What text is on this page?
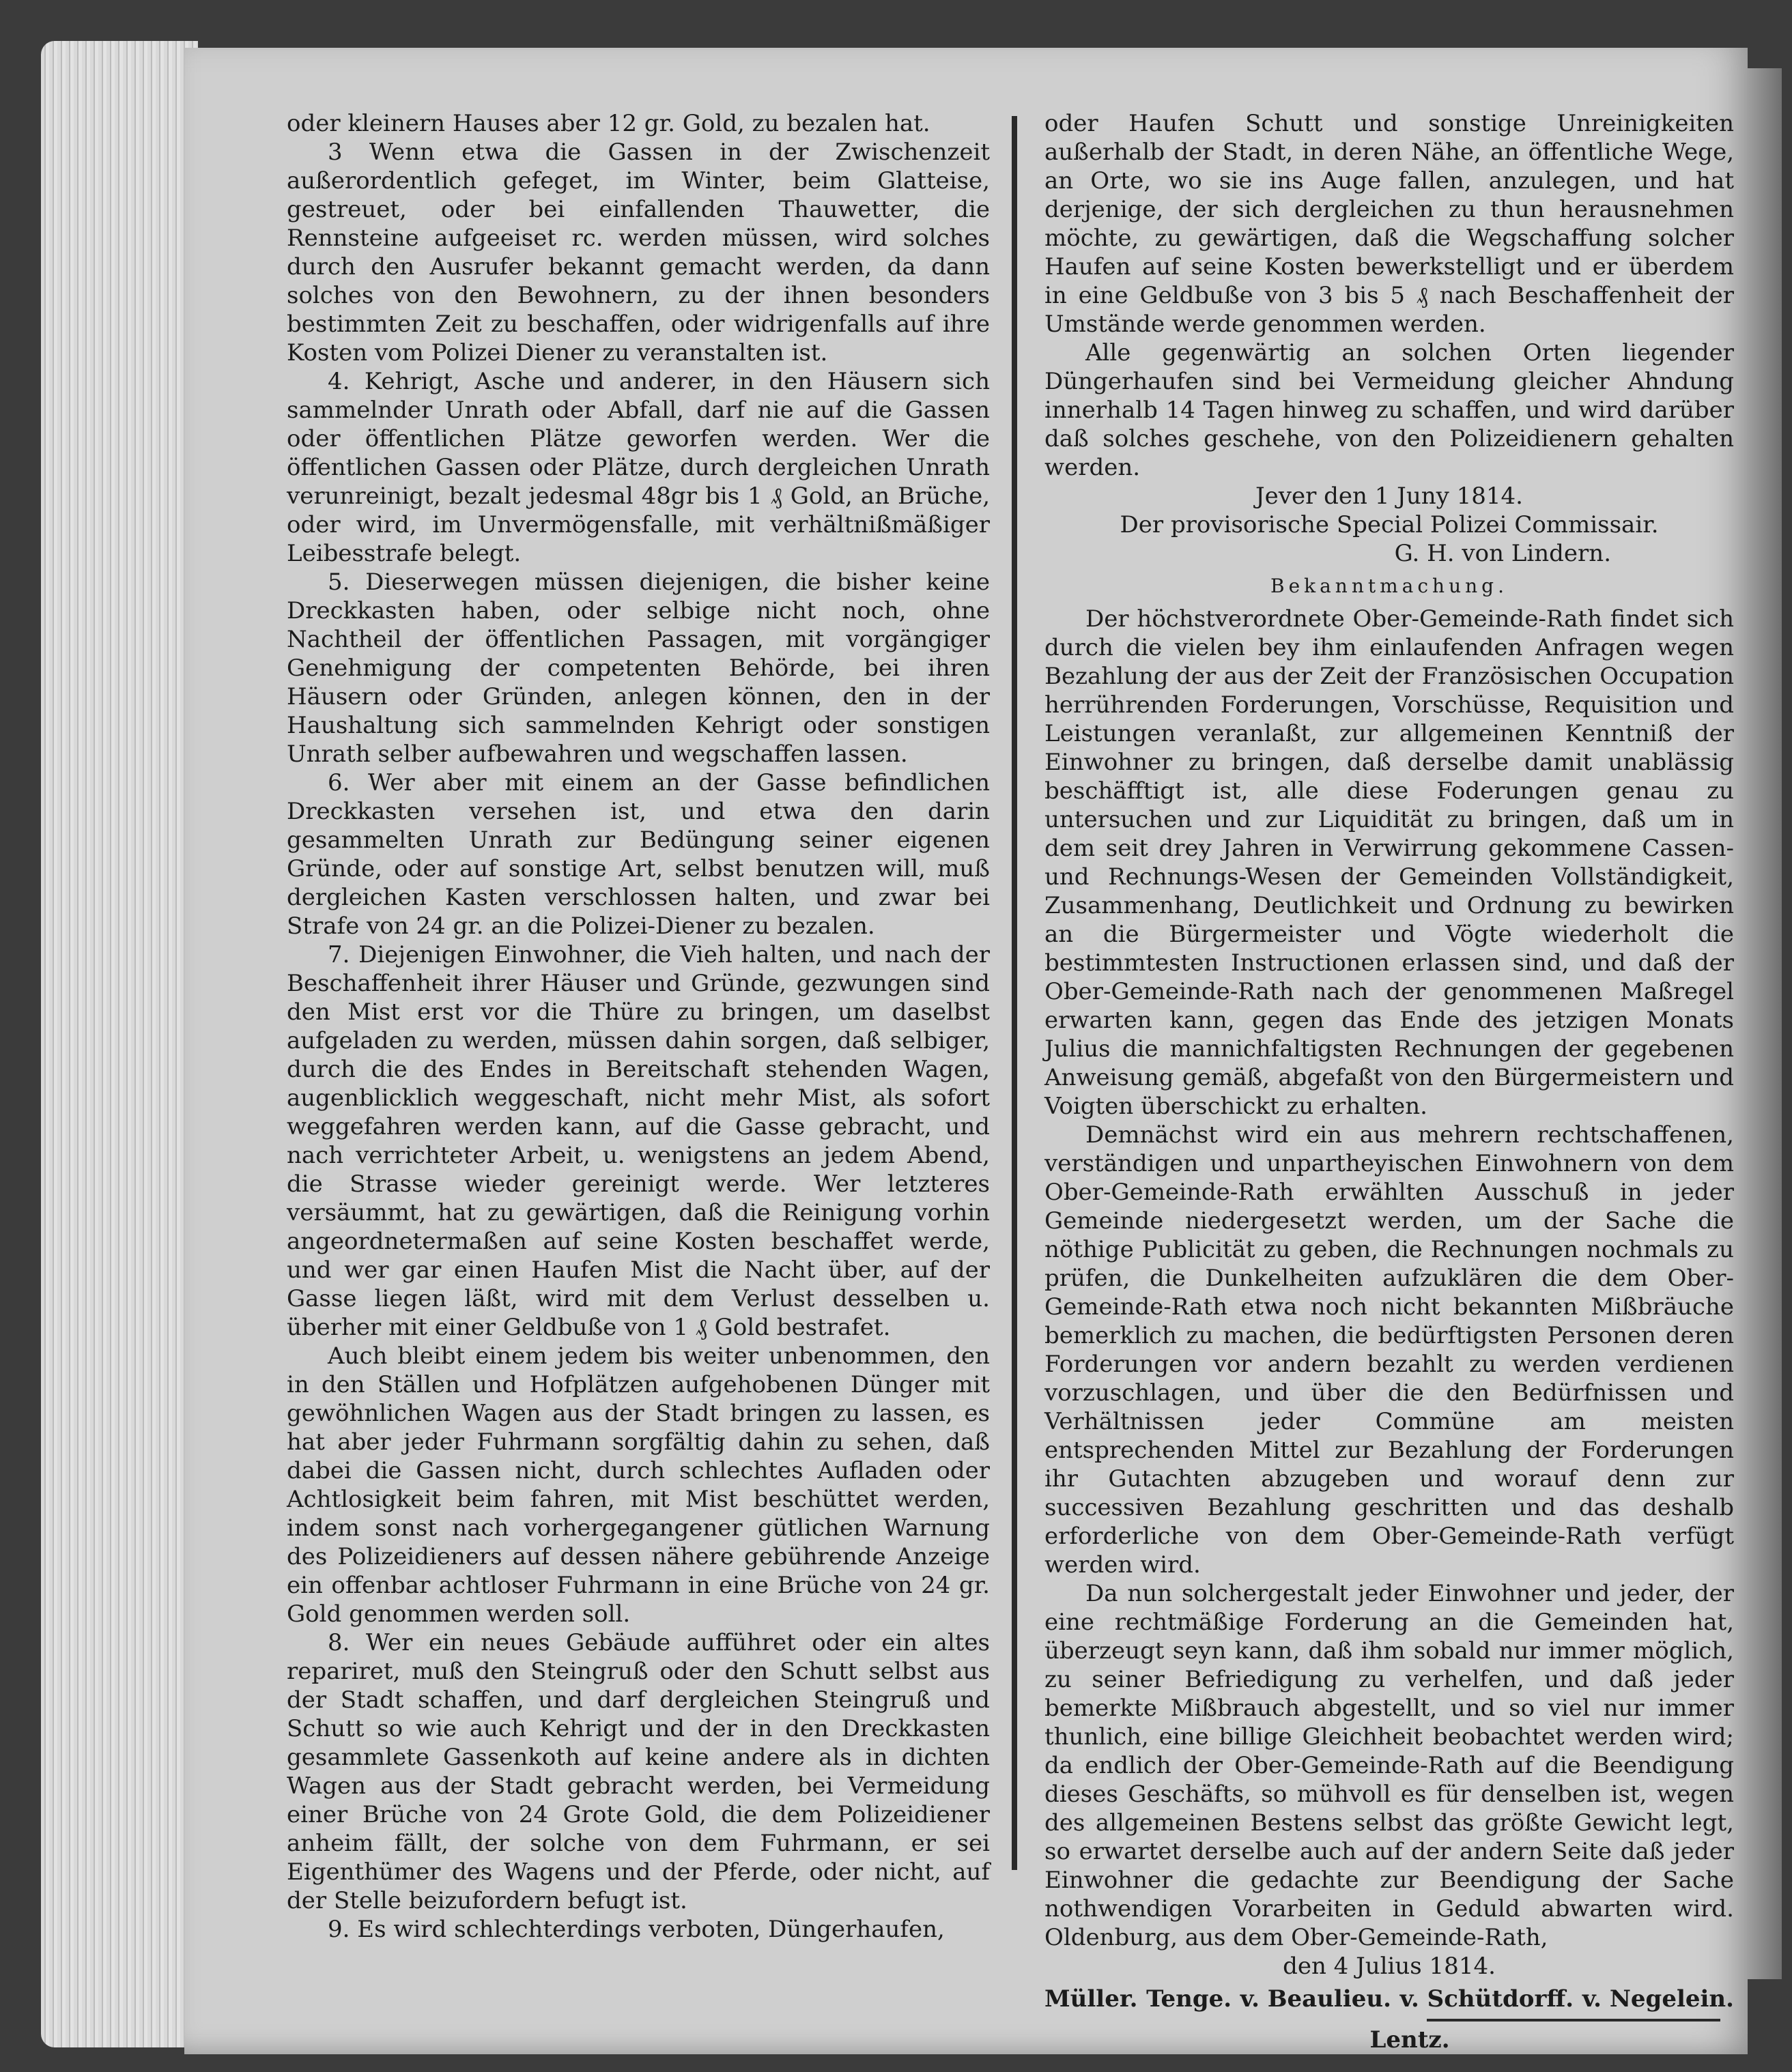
oder kleinern Hauses aber 12 gr. Gold, zu bezalen hat.

3 Wenn etwa die Gassen in der Zwischenzeit außerordentlich gefeget, im Winter, beim Glatteise, gestreuet, oder bei einfallenden Thauwetter, die Rennsteine aufgeeiset rc. werden müssen, wird solches durch den Ausrufer bekannt gemacht werden, da dann solches von den Bewohnern, zu der ihnen besonders bestimmten Zeit zu beschaffen, oder widrigenfalls auf ihre Kosten vom Polizei Diener zu veranstalten ist.

4. Kehrigt, Asche und anderer, in den Häusern sich sammelnder Unrath oder Abfall, darf nie auf die Gassen oder öffentlichen Plätze geworfen werden. Wer die öffentlichen Gassen oder Plätze, durch dergleichen Unrath verunreinigt, bezalt jedesmal 48gr bis 1 ₰ Gold, an Brüche, oder wird, im Unvermögensfalle, mit verhältnißmäßiger Leibesstrafe belegt.

5. Dieserwegen müssen diejenigen, die bisher keine Dreckkasten haben, oder selbige nicht noch, ohne Nachtheil der öffentlichen Passagen, mit vorgängiger Genehmigung der competenten Behörde, bei ihren Häusern oder Gründen, anlegen können, den in der Haushaltung sich sammelnden Kehrigt oder sonstigen Unrath selber aufbewahren und wegschaffen lassen.

6. Wer aber mit einem an der Gasse befindlichen Dreckkasten versehen ist, und etwa den darin gesammelten Unrath zur Bedüngung seiner eigenen Gründe, oder auf sonstige Art, selbst benutzen will, muß dergleichen Kasten verschlossen halten, und zwar bei Strafe von 24 gr. an die Polizei-Diener zu bezalen.

7. Diejenigen Einwohner, die Vieh halten, und nach der Beschaffenheit ihrer Häuser und Gründe, gezwungen sind den Mist erst vor die Thüre zu bringen, um daselbst aufgeladen zu werden, müssen dahin sorgen, daß selbiger, durch die des Endes in Bereitschaft stehenden Wagen, augenblicklich weggeschaft, nicht mehr Mist, als sofort weggefahren werden kann, auf die Gasse gebracht, und nach verrichteter Arbeit, u. wenigstens an jedem Abend, die Strasse wieder gereinigt werde. Wer letzteres versäummt, hat zu gewärtigen, daß die Reinigung vorhin angeordnetermaßen auf seine Kosten beschaffet werde, und wer gar einen Haufen Mist die Nacht über, auf der Gasse liegen läßt, wird mit dem Verlust desselben u. überher mit einer Geldbuße von 1 ₰ Gold bestrafet.

Auch bleibt einem jedem bis weiter unbenommen, den in den Ställen und Hofplätzen aufgehobenen Dünger mit gewöhnlichen Wagen aus der Stadt bringen zu lassen, es hat aber jeder Fuhrmann sorgfältig dahin zu sehen, daß dabei die Gassen nicht, durch schlechtes Aufladen oder Achtlosigkeit beim fahren, mit Mist beschüttet werden, indem sonst nach vorhergegangener gütlichen Warnung des Polizeidieners auf dessen nähere gebührende Anzeige ein offenbar achtloser Fuhrmann in eine Brüche von 24 gr. Gold genommen werden soll.

8. Wer ein neues Gebäude aufführet oder ein altes repariret, muß den Steingruß oder den Schutt selbst aus der Stadt schaffen, und darf dergleichen Steingruß und Schutt so wie auch Kehrigt und der in den Dreckkasten gesammlete Gassenkoth auf keine andere als in dichten Wagen aus der Stadt gebracht werden, bei Vermeidung einer Brüche von 24 Grote Gold, die dem Polizeidiener anheim fällt, der solche von dem Fuhrmann, er sei Eigenthümer des Wagens und der Pferde, oder nicht, auf der Stelle beizufordern befugt ist.

9. Es wird schlechterdings verboten, Düngerhaufen,

oder Haufen Schutt und sonstige Unreinigkeiten außerhalb der Stadt, in deren Nähe, an öffentliche Wege, an Orte, wo sie ins Auge fallen, anzulegen, und hat derjenige, der sich dergleichen zu thun herausnehmen möchte, zu gewärtigen, daß die Wegschaffung solcher Haufen auf seine Kosten bewerkstelligt und er überdem in eine Geldbuße von 3 bis 5 ₰ nach Beschaffenheit der Umstände werde genommen werden.

Alle gegenwärtig an solchen Orten liegender Düngerhaufen sind bei Vermeidung gleicher Ahndung innerhalb 14 Tagen hinweg zu schaffen, und wird darüber daß solches geschehe, von den Polizeidienern gehalten werden.

Jever den 1 Juny 1814.

Der provisorische Special Polizei Commissair.

G. H. von Lindern.

Bekanntmachung.

Der höchstverordnete Ober-Gemeinde-Rath findet sich durch die vielen bey ihm einlaufenden Anfragen wegen Bezahlung der aus der Zeit der Französischen Occupation herrührenden Forderungen, Vorschüsse, Requisition und Leistungen veranlaßt, zur allgemeinen Kenntniß der Einwohner zu bringen, daß derselbe damit unablässig beschäfftigt ist, alle diese Foderungen genau zu untersuchen und zur Liquidität zu bringen, daß um in dem seit drey Jahren in Verwirrung gekommene Cassen- und Rechnungs-Wesen der Gemeinden Vollständigkeit, Zusammenhang, Deutlichkeit und Ordnung zu bewirken an die Bürgermeister und Vögte wiederholt die bestimmtesten Instructionen erlassen sind, und daß der Ober-Gemeinde-Rath nach der genommenen Maßregel erwarten kann, gegen das Ende des jetzigen Monats Julius die mannichfaltigsten Rechnungen der gegebenen Anweisung gemäß, abgefaßt von den Bürgermeistern und Voigten überschickt zu erhalten.

Demnächst wird ein aus mehrern rechtschaffenen, verständigen und unpartheyischen Einwohnern von dem Ober-Gemeinde-Rath erwählten Ausschuß in jeder Gemeinde niedergesetzt werden, um der Sache die nöthige Publicität zu geben, die Rechnungen nochmals zu prüfen, die Dunkelheiten aufzuklären die dem Ober-Gemeinde-Rath etwa noch nicht bekannten Mißbräuche bemerklich zu machen, die bedürftigsten Personen deren Forderungen vor andern bezahlt zu werden verdienen vorzuschlagen, und über die den Bedürfnissen und Verhältnissen jeder Commüne am meisten entsprechenden Mittel zur Bezahlung der Forderungen ihr Gutachten abzugeben und worauf denn zur successiven Bezahlung geschritten und das deshalb erforderliche von dem Ober-Gemeinde-Rath verfügt werden wird.

Da nun solchergestalt jeder Einwohner und jeder, der eine rechtmäßige Forderung an die Gemeinden hat, überzeugt seyn kann, daß ihm sobald nur immer möglich, zu seiner Befriedigung zu verhelfen, und daß jeder bemerkte Mißbrauch abgestellt, und so viel nur immer thunlich, eine billige Gleichheit beobachtet werden wird; da endlich der Ober-Gemeinde-Rath auf die Beendigung dieses Geschäfts, so mühvoll es für denselben ist, wegen des allgemeinen Bestens selbst das größte Gewicht legt, so erwartet derselbe auch auf der andern Seite daß jeder Einwohner die gedachte zur Beendigung der Sache nothwendigen Vorarbeiten in Geduld abwarten wird. Oldenburg, aus dem Ober-Gemeinde-Rath,

den 4 Julius 1814.

Müller. Tenge. v. Beaulieu. v. Schütdorff. v. Negelein.

Lentz.
